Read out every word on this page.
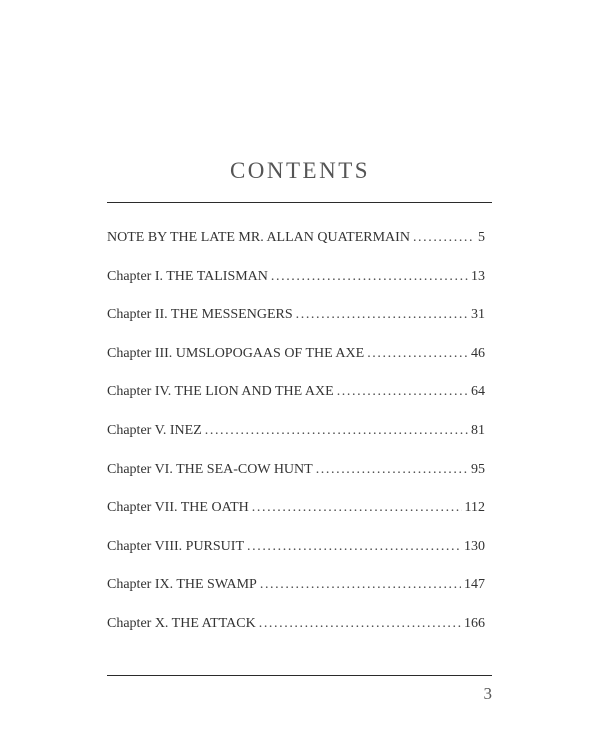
CONTENTS
NOTE BY THE LATE MR. ALLAN QUATERMAIN .....	5
Chapter I. THE TALISMAN .....	13
Chapter II. THE MESSENGERS .....	31
Chapter III. UMSLOPOGAAS OF THE AXE .....	46
Chapter IV. THE LION AND THE AXE .....	64
Chapter V. INEZ .....	81
Chapter VI. THE SEA-COW HUNT .....	95
Chapter VII. THE OATH .....	112
Chapter VIII. PURSUIT .....	130
Chapter IX. THE SWAMP .....	147
Chapter X. THE ATTACK .....	166
3
